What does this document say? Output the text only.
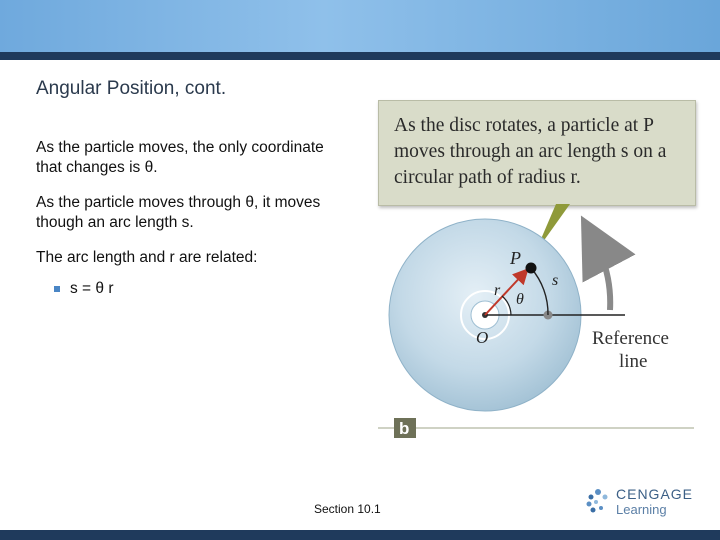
Angular Position, cont.
As the particle moves, the only coordinate that changes is θ.
As the particle moves through θ, it moves though an arc length s.
The arc length and r are related:
s = θ r
As the disc rotates, a particle at P moves through an arc length s on a circular path of radius r.
P
r
s
θ
O	Reference
line
b
Section 10.1
CENGAGE
Learning
